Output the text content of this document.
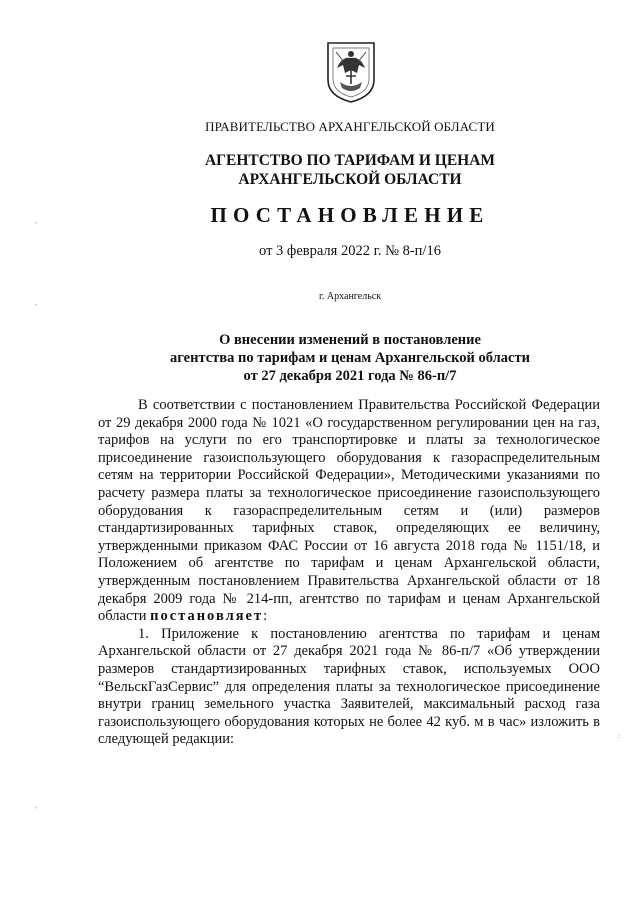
ПРАВИТЕЛЬСТВО АРХАНГЕЛЬСКОЙ ОБЛАСТИ
АГЕНТСТВО ПО ТАРИФАМ И ЦЕНАМ
АРХАНГЕЛЬСКОЙ ОБЛАСТИ
ПОСТАНОВЛЕНИЕ
от 3 февраля 2022 г. № 8-п/16
г. Архангельск
О внесении изменений в постановление
агентства по тарифам и ценам Архангельской области
от 27 декабря 2021 года № 86-п/7

В соответствии с постановлением Правительства Российской Федерации от 29 декабря 2000 года № 1021 «О государственном регулировании цен на газ, тарифов на услуги по его транспортировке и платы за технологическое присоединение газоиспользующего оборудования к газораспределительным сетям на территории Российской Федерации», Методическими указаниями по расчету размера платы за технологическое присоединение газоиспользующего оборудования к газораспределительным сетям и (или) размеров стандартизированных тарифных ставок, определяющих ее величину, утвержденными приказом ФАС России от 16 августа 2018 года № 1151/18, и Положением об агентстве по тарифам и ценам Архангельской области, утвержденным постановлением Правительства Архангельской области от 18 декабря 2009 года № 214-пп, агентство по тарифам и ценам Архангельской области постановляет:

1. Приложение к постановлению агентства по тарифам и ценам Архангельской области от 27 декабря 2021 года № 86-п/7 «Об утверждении размеров стандартизированных тарифных ставок, используемых ООО “ВельскГазСервис” для определения платы за технологическое присоединение внутри границ земельного участка Заявителей, максимальный расход газа газоиспользующего оборудования которых не более 42 куб. м в час» изложить в следующей редакции:

,
,
,
:
